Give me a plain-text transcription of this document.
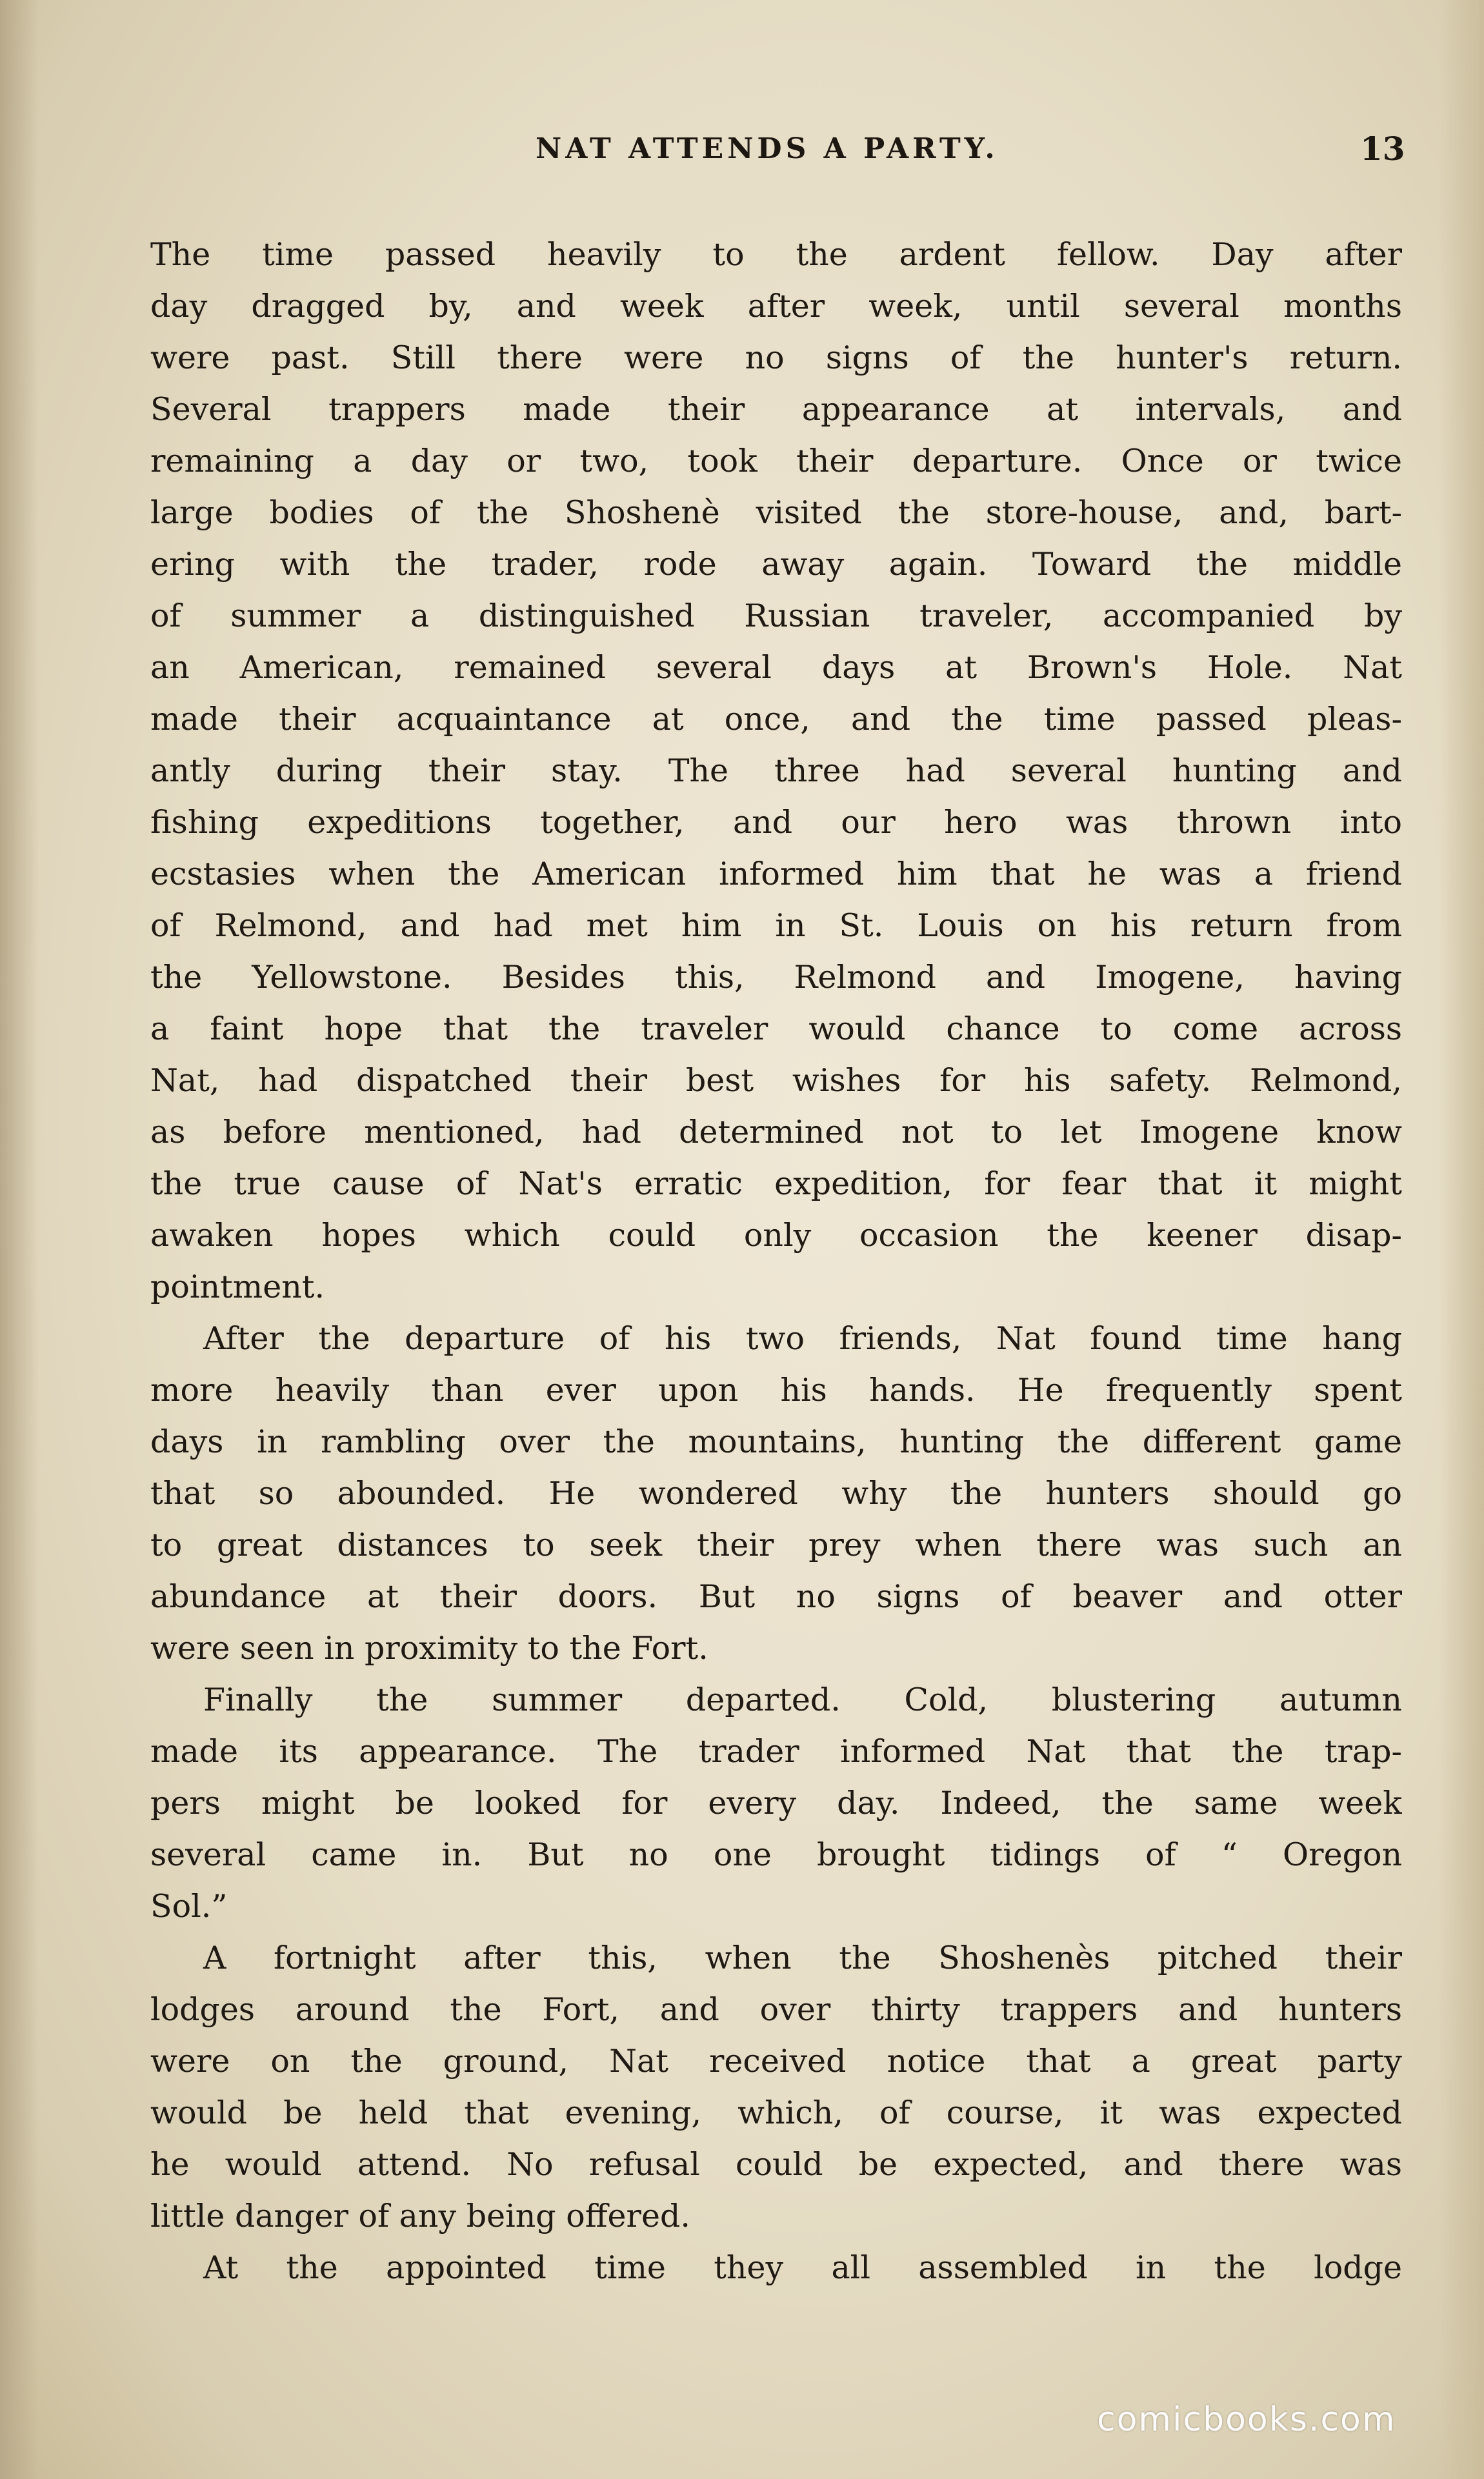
NAT ATTENDS A PARTY.	13
The time passed heavily to the ardent fellow. Day after
day dragged by, and week after week, until several months
were past. Still there were no signs of the hunter's return.
Several trappers made their appearance at intervals, and
remaining a day or two, took their departure. Once or twice
large bodies of the Shoshenè visited the store-house, and, bart-
ering with the trader, rode away again. Toward the middle
of summer a distinguished Russian traveler, accompanied by
an American, remained several days at Brown's Hole. Nat
made their acquaintance at once, and the time passed pleas-
antly during their stay. The three had several hunting and
fishing expeditions together, and our hero was thrown into
ecstasies when the American informed him that he was a friend
of Relmond, and had met him in St. Louis on his return from
the Yellowstone. Besides this, Relmond and Imogene, having
a faint hope that the traveler would chance to come across
Nat, had dispatched their best wishes for his safety. Relmond,
as before mentioned, had determined not to let Imogene know
the true cause of Nat's erratic expedition, for fear that it might
awaken hopes which could only occasion the keener disap-
pointment.
After the departure of his two friends, Nat found time hang
more heavily than ever upon his hands. He frequently spent
days in rambling over the mountains, hunting the different game
that so abounded. He wondered why the hunters should go
to great distances to seek their prey when there was such an
abundance at their doors. But no signs of beaver and otter
were seen in proximity to the Fort.
Finally the summer departed. Cold, blustering autumn
made its appearance. The trader informed Nat that the trap-
pers might be looked for every day. Indeed, the same week
several came in. But no one brought tidings of “ Oregon
Sol.”
A fortnight after this, when the Shoshenès pitched their
lodges around the Fort, and over thirty trappers and hunters
were on the ground, Nat received notice that a great party
would be held that evening, which, of course, it was expected
he would attend. No refusal could be expected, and there was
little danger of any being offered.
At the appointed time they all assembled in the lodge
comicbooks.com
